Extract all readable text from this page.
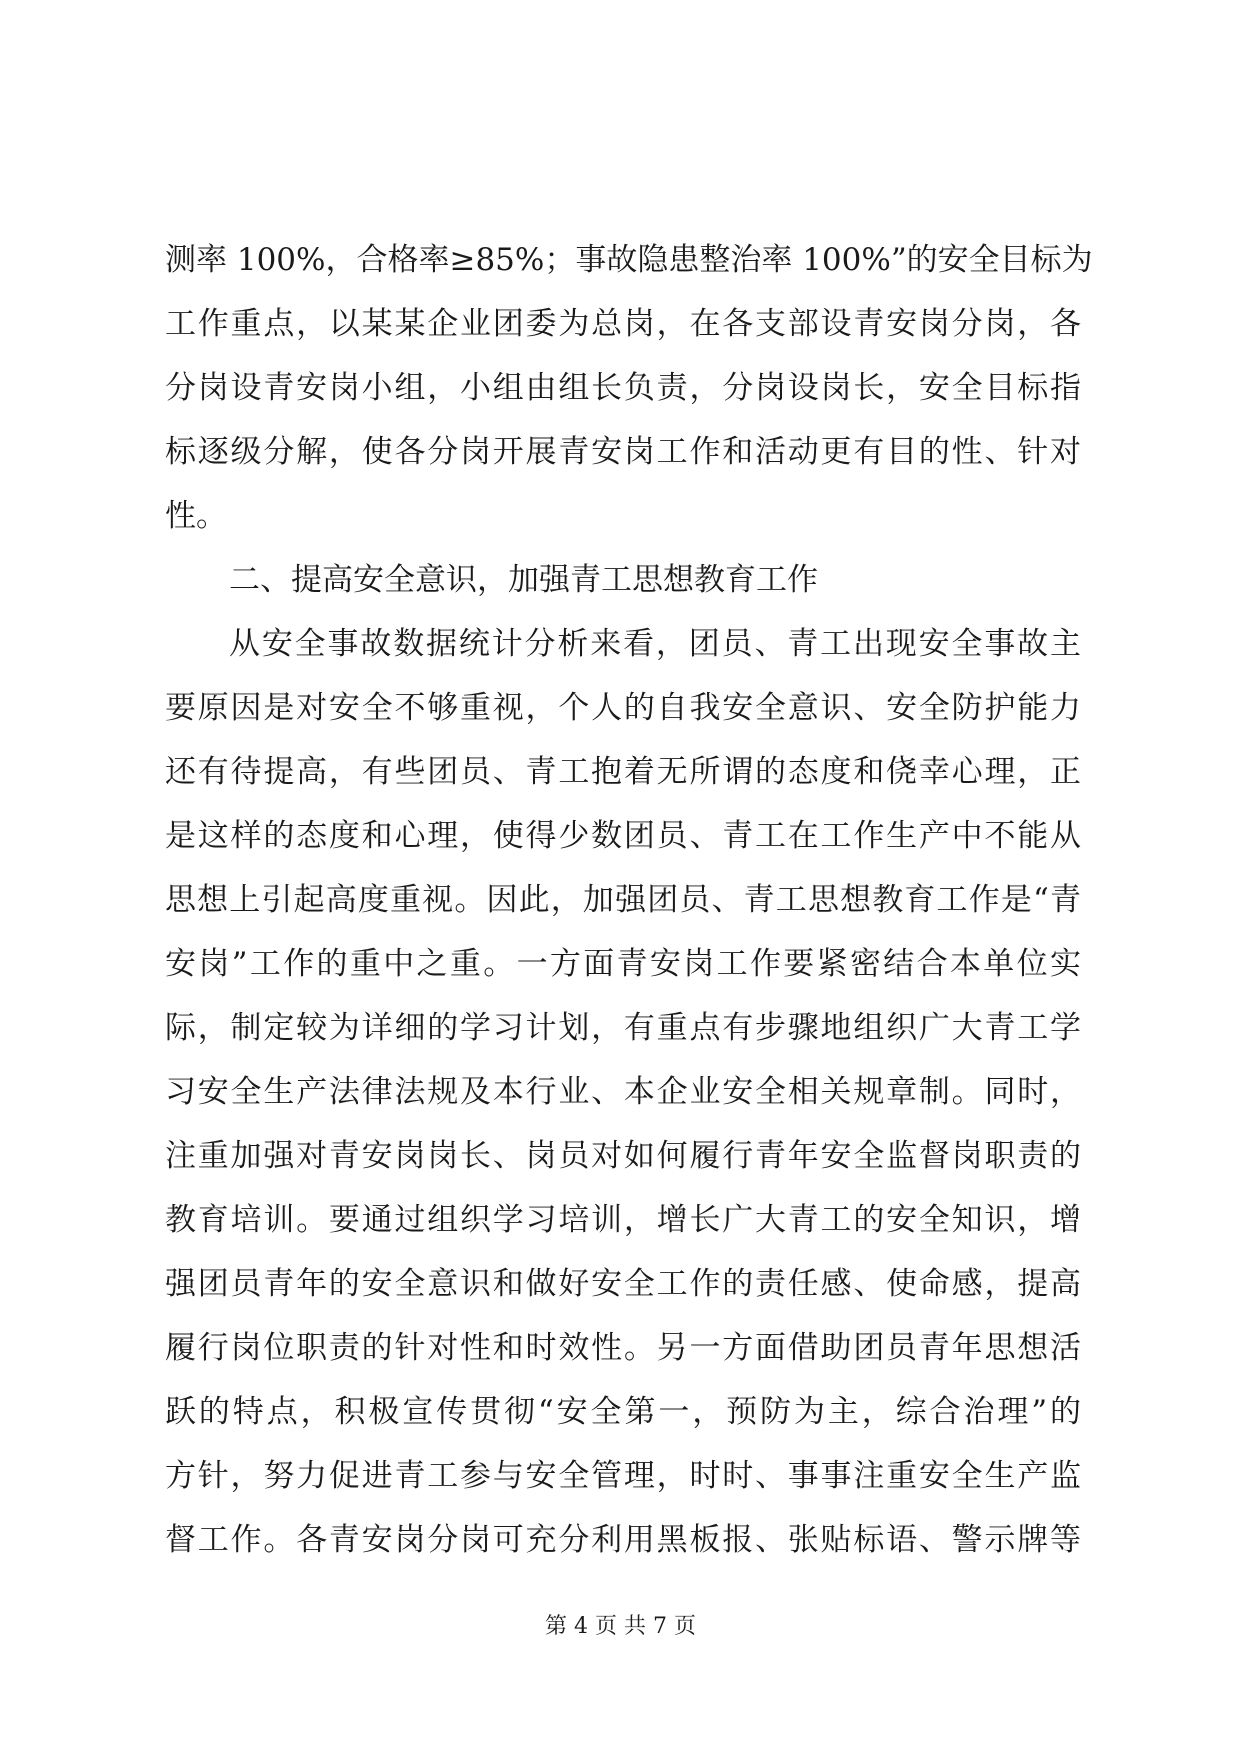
测率 100%，合格率≥85%；事故隐患整治率 100%”的安全目标为
工作重点，以某某企业团委为总岗，在各支部设青安岗分岗，各
分岗设青安岗小组，小组由组长负责，分岗设岗长，安全目标指
标逐级分解，使各分岗开展青安岗工作和活动更有目的性、针对
性。
二、提高安全意识，加强青工思想教育工作
从安全事故数据统计分析来看，团员、青工出现安全事故主
要原因是对安全不够重视，个人的自我安全意识、安全防护能力
还有待提高，有些团员、青工抱着无所谓的态度和侥幸心理，正
是这样的态度和心理，使得少数团员、青工在工作生产中不能从
思想上引起高度重视。因此，加强团员、青工思想教育工作是“青
安岗”工作的重中之重。一方面青安岗工作要紧密结合本单位实
际，制定较为详细的学习计划，有重点有步骤地组织广大青工学
习安全生产法律法规及本行业、本企业安全相关规章制。同时，
注重加强对青安岗岗长、岗员对如何履行青年安全监督岗职责的
教育培训。要通过组织学习培训，增长广大青工的安全知识，增
强团员青年的安全意识和做好安全工作的责任感、使命感，提高
履行岗位职责的针对性和时效性。另一方面借助团员青年思想活
跃的特点，积极宣传贯彻“安全第一，预防为主，综合治理”的
方针，努力促进青工参与安全管理，时时、事事注重安全生产监
督工作。各青安岗分岗可充分利用黑板报、张贴标语、警示牌等
第 4 页 共 7 页
